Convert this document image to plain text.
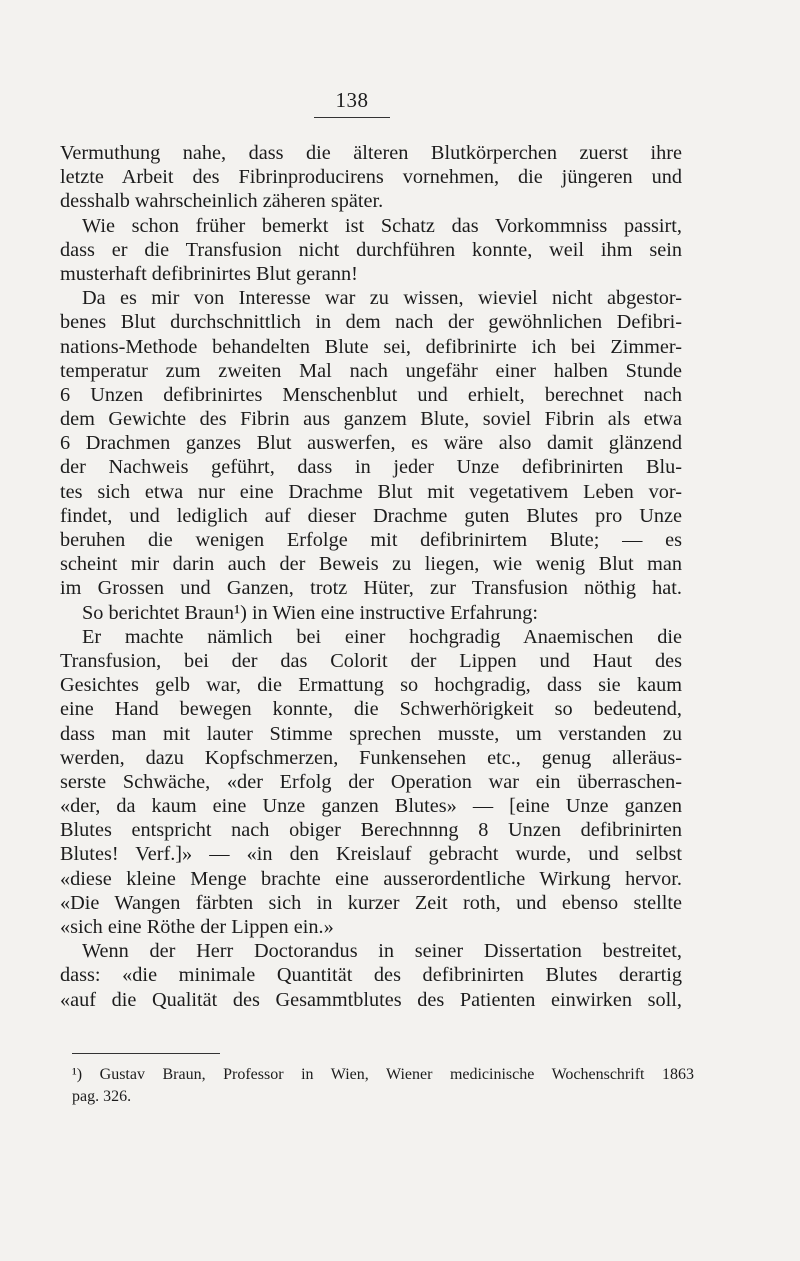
138
Vermuthung nahe, dass die älteren Blutkörperchen zuerst ihre
letzte Arbeit des Fibrinproducirens vornehmen, die jüngeren und
desshalb wahrscheinlich zäheren später.
Wie schon früher bemerkt ist Schatz das Vorkommniss passirt,
dass er die Transfusion nicht durchführen konnte, weil ihm sein
musterhaft defibrinirtes Blut gerann!
Da es mir von Interesse war zu wissen, wieviel nicht abgestor-
benes Blut durchschnittlich in dem nach der gewöhnlichen Defibri-
nations-Methode behandelten Blute sei, defibrinirte ich bei Zimmer-
temperatur zum zweiten Mal nach ungefähr einer halben Stunde
6 Unzen defibrinirtes Menschenblut und erhielt, berechnet nach
dem Gewichte des Fibrin aus ganzem Blute, soviel Fibrin als etwa
6 Drachmen ganzes Blut auswerfen, es wäre also damit glänzend
der Nachweis geführt, dass in jeder Unze defibrinirten Blu-
tes sich etwa nur eine Drachme Blut mit vegetativem Leben vor-
findet, und lediglich auf dieser Drachme guten Blutes pro Unze
beruhen die wenigen Erfolge mit defibrinirtem Blute; — es
scheint mir darin auch der Beweis zu liegen, wie wenig Blut man
im Grossen und Ganzen, trotz Hüter, zur Transfusion nöthig hat.
So berichtet Braun¹) in Wien eine instructive Erfahrung:
Er machte nämlich bei einer hochgradig Anaemischen die
Transfusion, bei der das Colorit der Lippen und Haut des
Gesichtes gelb war, die Ermattung so hochgradig, dass sie kaum
eine Hand bewegen konnte, die Schwerhörigkeit so bedeutend,
dass man mit lauter Stimme sprechen musste, um verstanden zu
werden, dazu Kopfschmerzen, Funkensehen etc., genug alleräus-
serste Schwäche, «der Erfolg der Operation war ein überraschen-
«der, da kaum eine Unze ganzen Blutes» — [eine Unze ganzen
Blutes entspricht nach obiger Berechnnng 8 Unzen defibrinirten
Blutes! Verf.]» — «in den Kreislauf gebracht wurde, und selbst
«diese kleine Menge brachte eine ausserordentliche Wirkung hervor.
«Die Wangen färbten sich in kurzer Zeit roth, und ebenso stellte
«sich eine Röthe der Lippen ein.»
Wenn der Herr Doctorandus in seiner Dissertation bestreitet,
dass: «die minimale Quantität des defibrinirten Blutes derartig
«auf die Qualität des Gesammtblutes des Patienten einwirken soll,
¹) Gustav Braun, Professor in Wien, Wiener medicinische Wochenschrift 1863
pag. 326.
